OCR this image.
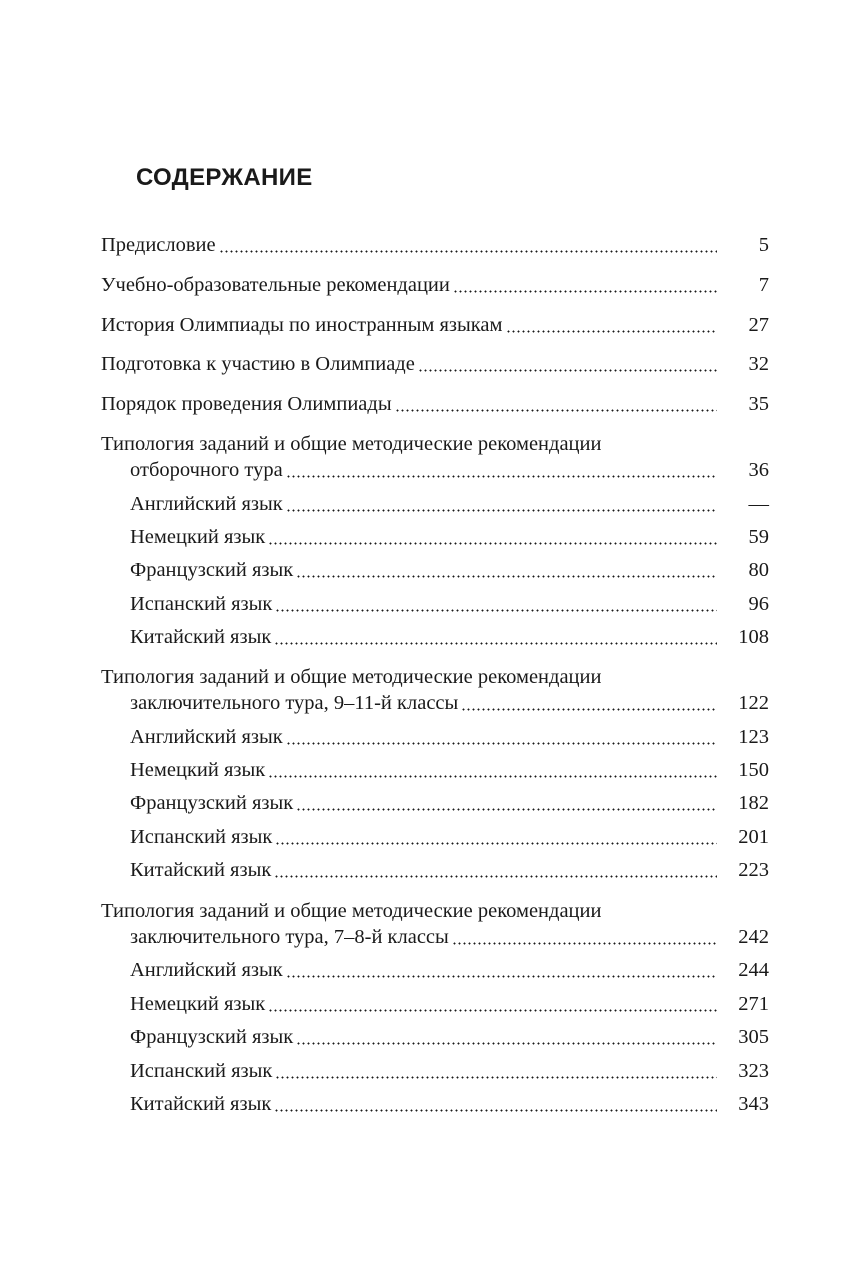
СОДЕРЖАНИЕ
Предисловие	5
Учебно-образовательные рекомендации	7
История Олимпиады по иностранным языкам	27
Подготовка к участию в Олимпиаде	32
Порядок проведения Олимпиады	35
Типология заданий и общие методические рекомендации
отборочного тура	36
Английский язык	—
Немецкий язык	59
Французский язык	80
Испанский язык	96
Китайский язык	108
Типология заданий и общие методические рекомендации
заключительного тура, 9–11-й классы	122
Английский язык	123
Немецкий язык	150
Французский язык	182
Испанский язык	201
Китайский язык	223
Типология заданий и общие методические рекомендации
заключительного тура, 7–8-й классы	242
Английский язык	244
Немецкий язык	271
Французский язык	305
Испанский язык	323
Китайский язык	343
